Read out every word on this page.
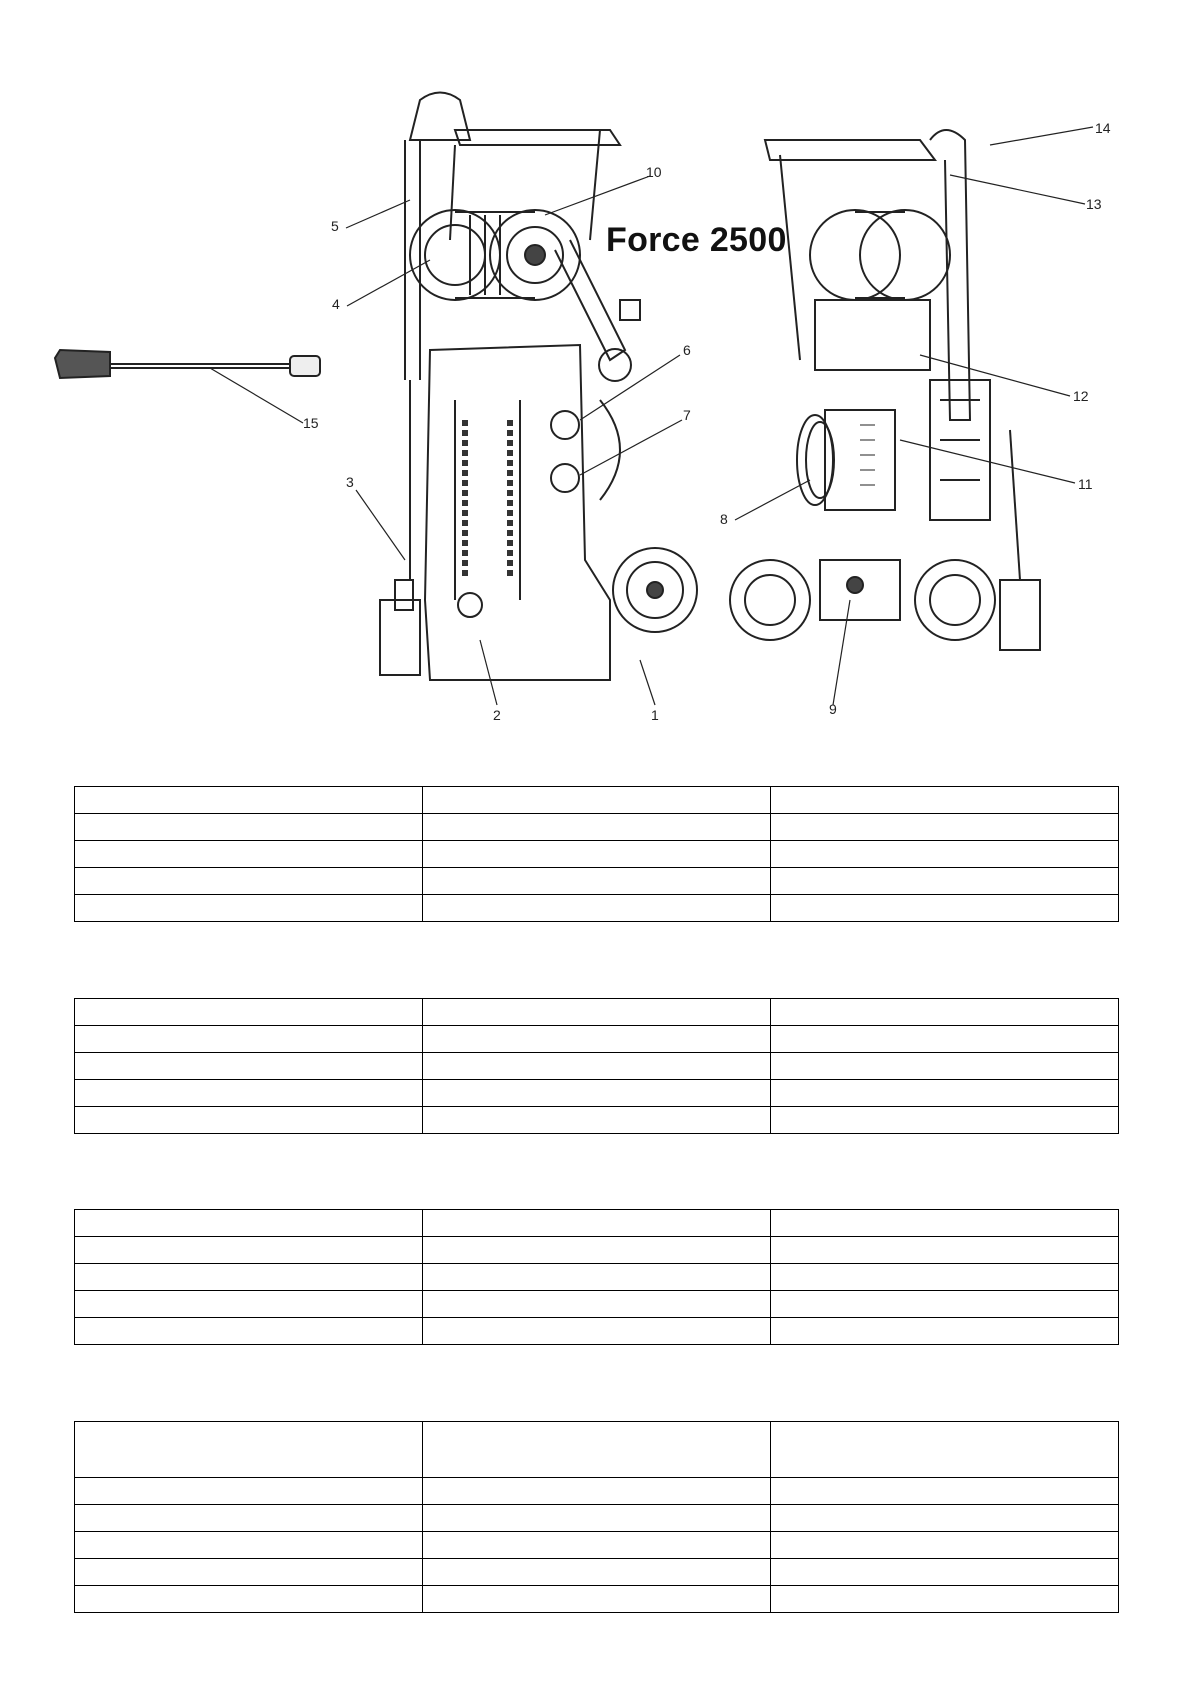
Force 2500
1
2
3
4
5
6
7
8
9
10
11
12
13
14
15
